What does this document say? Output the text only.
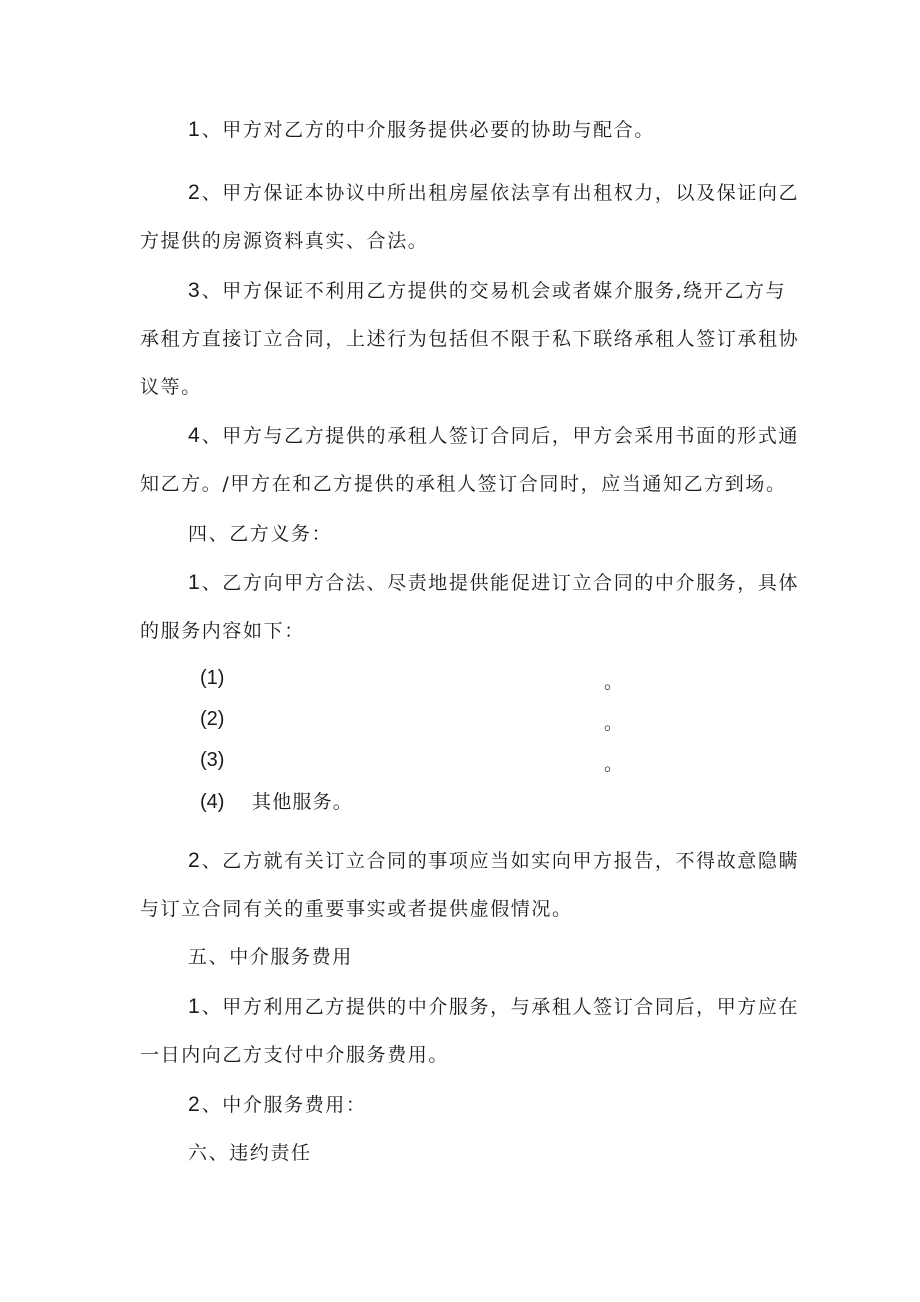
1 、甲方对乙方的中介服务提供必要的协助与配合。
2 、甲方保证本协议中所出租房屋依法享有出租权力，以及保证向乙
方提供的房源资料真实、合法。
3 、甲方保证不利用乙方提供的交易机会或者媒介服务,绕开乙方与
承租方直接订立合同，上述行为包括但不限于私下联络承租人签订承租协
议等。
4 、甲方与乙方提供的承租人签订合同后，甲方会采用书面的形式通
知乙方。/甲方在和乙方提供的承租人签订合同时，应当通知乙方到场。
四、乙方义务：
1 、乙方向甲方合法、尽责地提供能促进订立合同的中介服务，具体
的服务内容如下：
(1)	。
(2)	。
(3)	。
(4) 其他服务。
2 、乙方就有关订立合同的事项应当如实向甲方报告，不得故意隐瞒
与订立合同有关的重要事实或者提供虚假情况。
五、中介服务费用
1 、甲方利用乙方提供的中介服务，与承租人签订合同后，甲方应在
一日内向乙方支付中介服务费用。
2 、中介服务费用：
六、违约责任
